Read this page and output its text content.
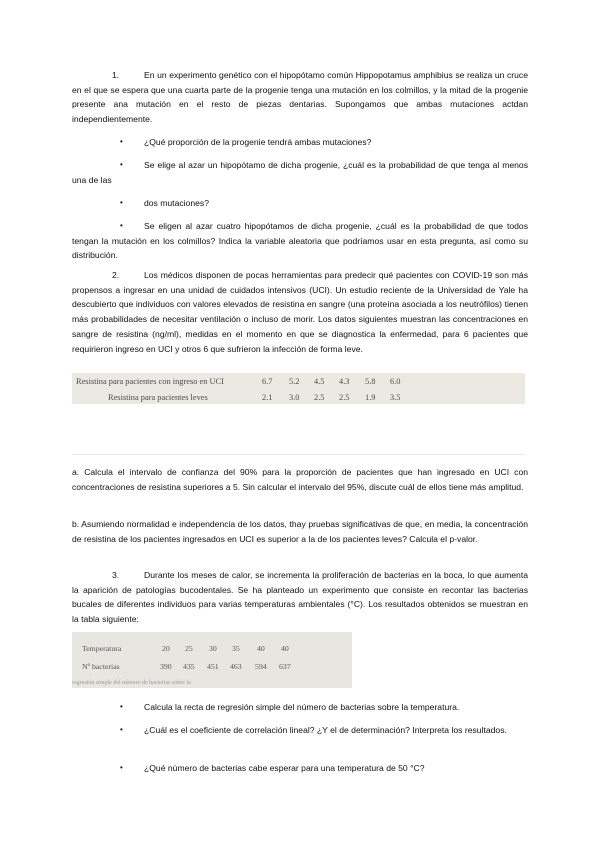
1.	En un experimento genético con el hipopótamo común Hippopotamus amphibius se realiza un cruce en el que se espera que una cuarta parte de la progenie tenga una mutación en los colmillos, y la mitad de la progenie presente ana mutación en el resto de piezas dentarias. Supongamos que ambas mutaciones actdan independientemente.
•	¿Qué proporción de la progenie tendrá ambas mutaciones?
•	Se elige al azar un hipopótamo de dicha progenie, ¿cuál es la probabilidad de que tenga al menos una de las
•	dos mutaciones?
•	Se eligen al azar cuatro hipopótamos de dicha progenie, ¿cuál es la probabilidad de que todos tengan la mutación en los colmillos? Indica la variable aleatoria que podríamos usar en esta pregunta, así como su distribución.
2.	Los médicos disponen de pocas herramientas para predecir qué pacientes con COVID-19 son más propensos a ingresar en una unidad de cuidados intensivos (UCI). Un estudio reciente de la Universidad de Yale ha descubierto que individuos con valores elevados de resistina en sangre (una proteína asociada a los neutrófilos) tienen más probabilidades de necesitar ventilación o incluso de morir. Los datos siguientes muestran las concentraciones en sangre de resistina (ng/ml), medidas en el momento en que se diagnostica la enfermedad, para 6 pacientes que requirieron ingreso en UCI y otros 6 que sufrieron la infección de forma leve.
Resistina para pacientes con ingreso en UCI	6.7 5.2 4.5 4.3 5.8 6.0
Resistina para pacientes leves	2.1 3.0 2.5 2.5 1.9 3.5
a. Calcula el intervalo de confianza del 90% para la proporción de pacientes que han ingresado en UCI con concentraciones de resistina superiores a 5. Sin calcular el intervalo del 95%, discute cuál de ellos tiene más amplitud.
b. Asumiendo normalidad e independencia de los datos, thay pruebas significativas de que, en media, la concentración de resistina de los pacientes ingresados en UCI es superior a la de los pacientes leves? Calcula el p-valor.
3.	Durante los meses de calor, se incrementa la proliferación de bacterias en la boca, lo que aumenta la aparición de patologías bucodentales. Se ha planteado un experimento que consiste en recontar las bacterias bucales de diferentes individuos para varias temperaturas ambientales (°C). Los resultados obtenidos se muestran en la tabla siguiente:
Temperatura	20 25 30 35 40 40
Nº bacterias	390 435 451 463 594 637
regresión simple del número de bacterias sobre la
•	Calcula la recta de regresión simple del número de bacterias sobre la temperatura.
•	¿Cuál es el coeficiente de correlación lineal? ¿Y el de determinación? Interpreta los resultados.
•	¿Qué número de bacterias cabe esperar para una temperatura de 50 °C?
